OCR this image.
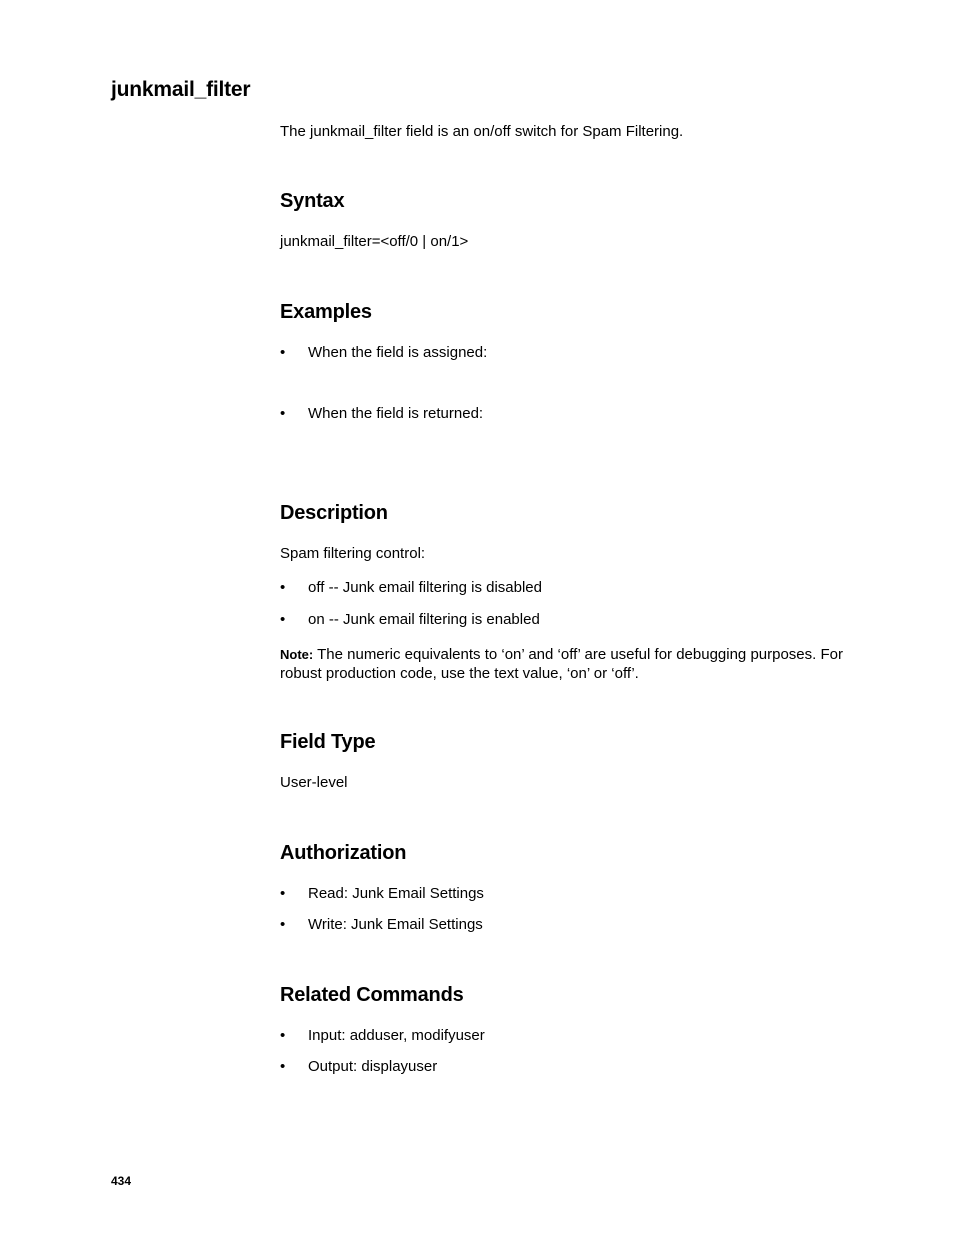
junkmail_filter

The junkmail_filter field is an on/off switch for Spam Filtering.

Syntax

junkmail_filter=<off/0 | on/1>

Examples
• When the field is assigned:
• When the field is returned:
Description

Spam filtering control:

• off -- Junk email filtering is disabled
• on -- Junk email filtering is enabled

Note: The numeric equivalents to ‘on’ and ‘off’ are useful for debugging purposes. For robust production code, use the text value, ‘on’ or ‘off’.

Field Type

User-level

Authorization
• Read: Junk Email Settings
• Write: Junk Email Settings
Related Commands
• Input: adduser, modifyuser
• Output: displayuser

434
